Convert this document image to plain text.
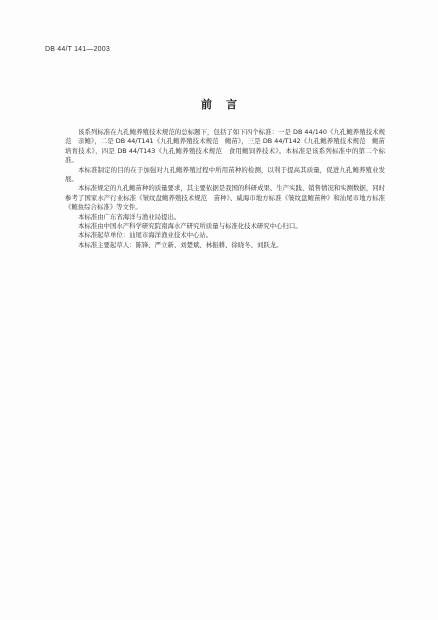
DB 44/T 141—2003
前言

该系列标准在九孔鲍养殖技术规范的总标题下，包括了如下四个标准：一是 DB 44/140《九孔鲍养殖技术规范　亲鲍》，二是 DB 44/T141《九孔鲍养殖技术规范　鲍苗》，三是 DB 44/T142《九孔鲍养殖技术规范　鲍苗培育技术》，四是 DB 44/T143《九孔鲍养殖技术规范　食用鲍饲养技术》。本标准是该系列标准中的第二个标准。

本标准制定的目的在于加强对九孔鲍养殖过程中所用苗种的检测，以利于提高其质量，促进九孔鲍养殖业发展。

本标准规定的九孔鲍苗种的质量要求，其主要依据是我国的科研成果、生产实践、销售情况和实测数据，同时参考了国家水产行业标准《皱纹盘鲍养殖技术规范　苗种》、威海市地方标准《皱纹盘鲍苗种》和汕尾市地方标准《鲍鱼综合标准》等文件。

本标准由广东省海洋与渔业局提出。

本标准由中国水产科学研究院南海水产研究所质量与标准化技术研究中心归口。

本标准起草单位：汕尾市海洋渔业技术中心站。

本标准主要起草人：陈锋、严立新、刘楚斌、林振耕、徐晓冬、刘跃龙。
